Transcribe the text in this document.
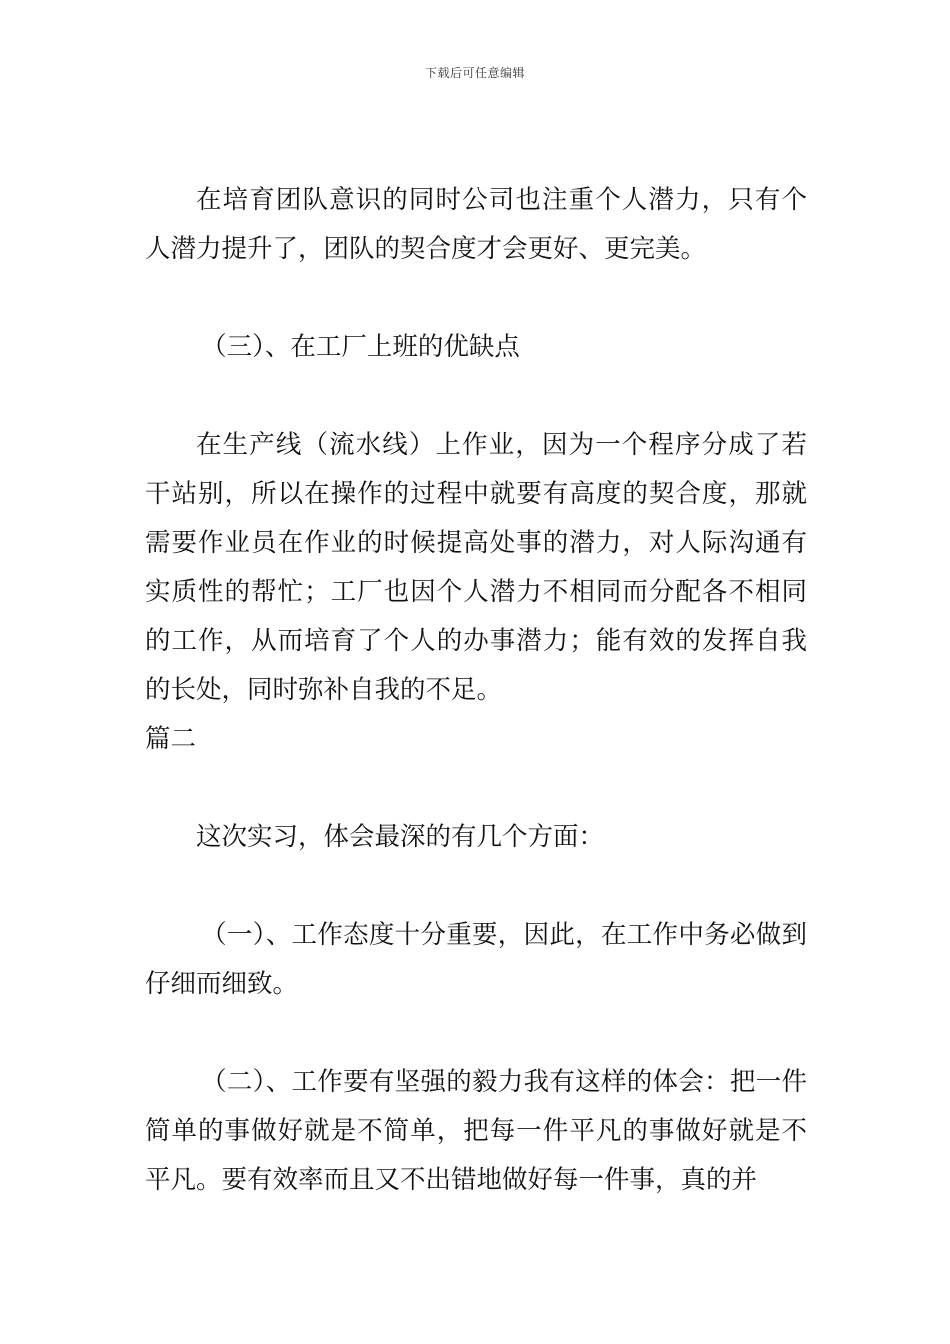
下载后可任意编辑

在培育团队意识的同时公司也注重个人潜力，只有个人潜力提升了，团队的契合度才会更好、更完美。

（三）、在工厂上班的优缺点

在生产线（流水线）上作业，因为一个程序分成了若干站别，所以在操作的过程中就要有高度的契合度，那就需要作业员在作业的时候提高处事的潜力，对人际沟通有实质性的帮忙；工厂也因个人潜力不相同而分配各不相同的工作，从而培育了个人的办事潜力；能有效的发挥自我的长处，同时弥补自我的不足。

篇二

这次实习，体会最深的有几个方面：

（一）、工作态度十分重要，因此，在工作中务必做到仔细而细致。

（二）、工作要有坚强的毅力我有这样的体会：把一件简单的事做好就是不简单，把每一件平凡的事做好就是不平凡。要有效率而且又不出错地做好每一件事，真的并
